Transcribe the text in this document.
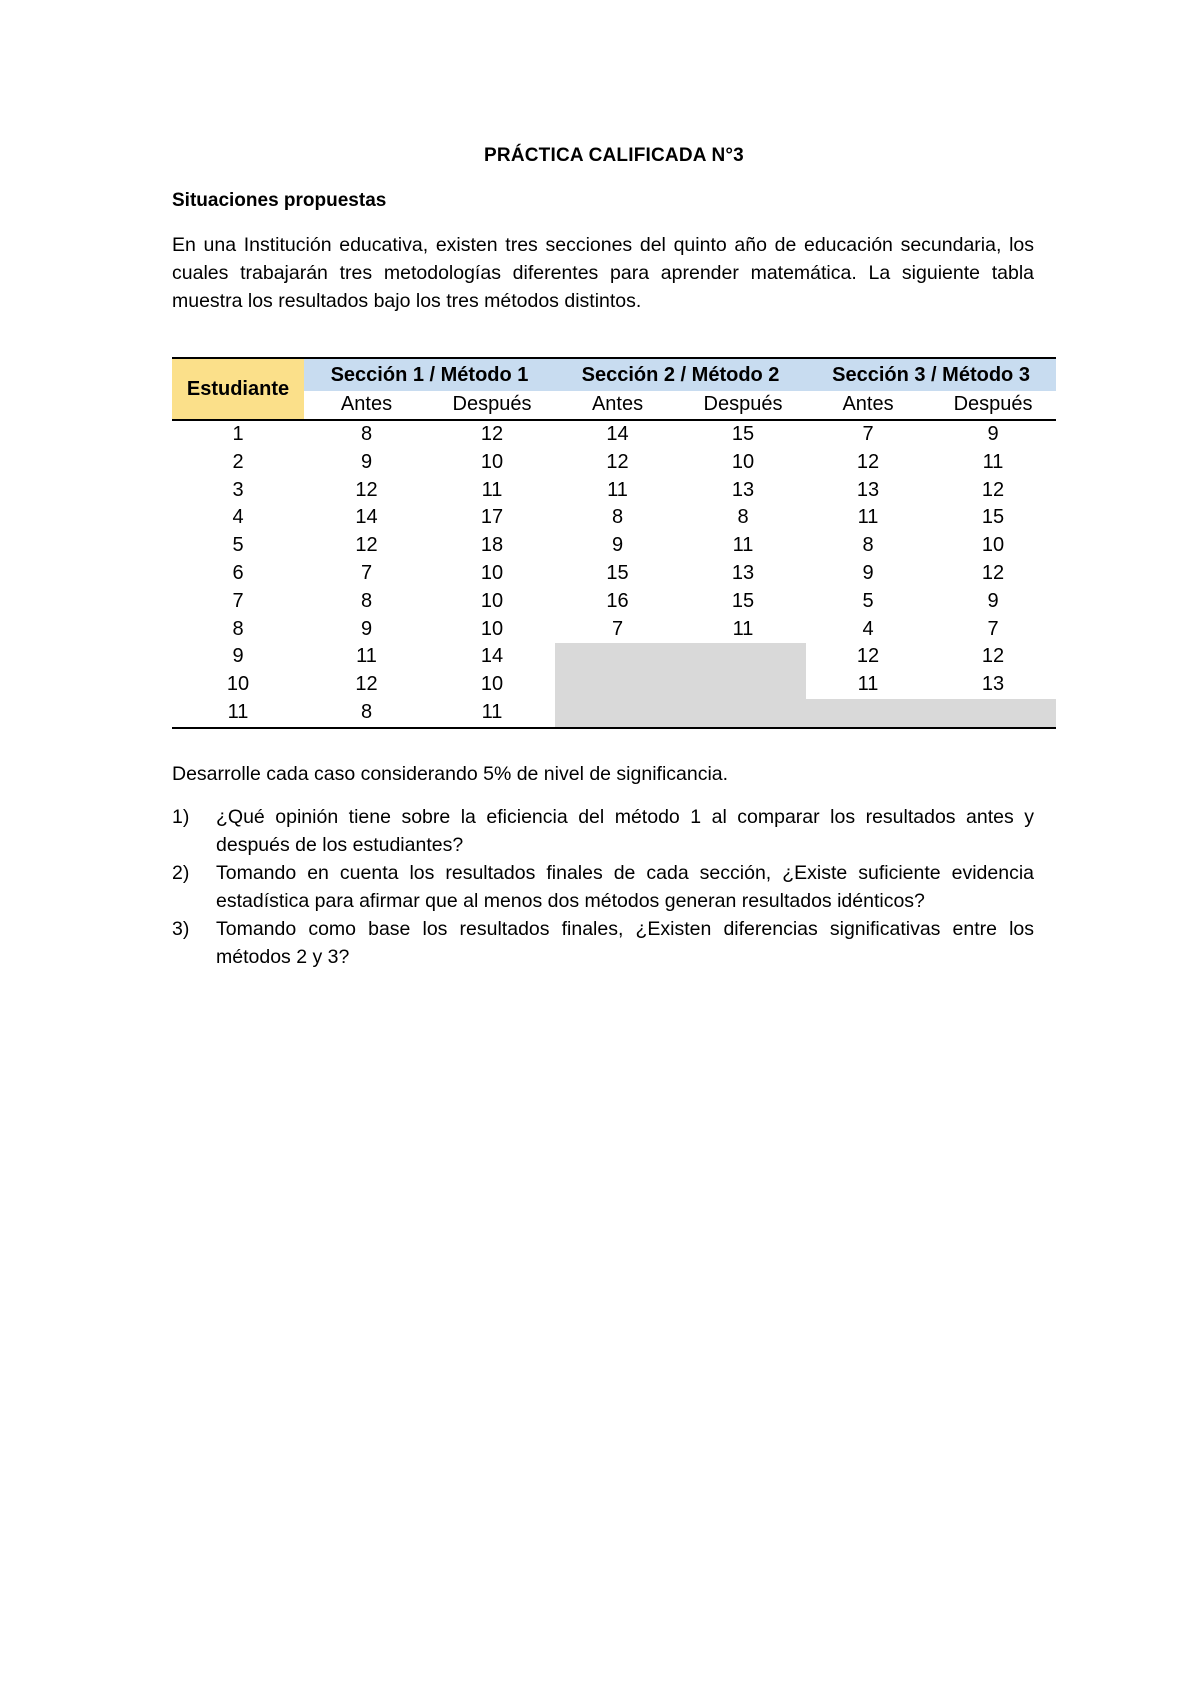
PRÁCTICA CALIFICADA N°3
Situaciones propuestas

En una Institución educativa, existen tres secciones del quinto año de educación secundaria, los cuales trabajarán tres metodologías diferentes para aprender matemática. La siguiente tabla muestra los resultados bajo los tres métodos distintos.

Estudiante	Sección 1 / Método 1		Sección 2 / Método 2		Sección 3 / Método 3	
	Antes	Después	Antes	Después	Antes	Después
1	8	12	14	15	7	9
2	9	10	12	10	12	11
3	12	11	11	13	13	12
4	14	17	8	8	11	15
5	12	18	9	11	8	10
6	7	10	15	13	9	12
7	8	10	16	15	5	9
8	9	10	7	11	4	7
9	11	14			12	12
10	12	10			11	13
11	8	11				

Desarrolle cada caso considerando 5% de nivel de significancia.

1) ¿Qué opinión tiene sobre la eficiencia del método 1 al comparar los resultados antes y después de los estudiantes?
2) Tomando en cuenta los resultados finales de cada sección, ¿Existe suficiente evidencia estadística para afirmar que al menos dos métodos generan resultados idénticos?
3) Tomando como base los resultados finales, ¿Existen diferencias significativas entre los métodos 2 y 3?
